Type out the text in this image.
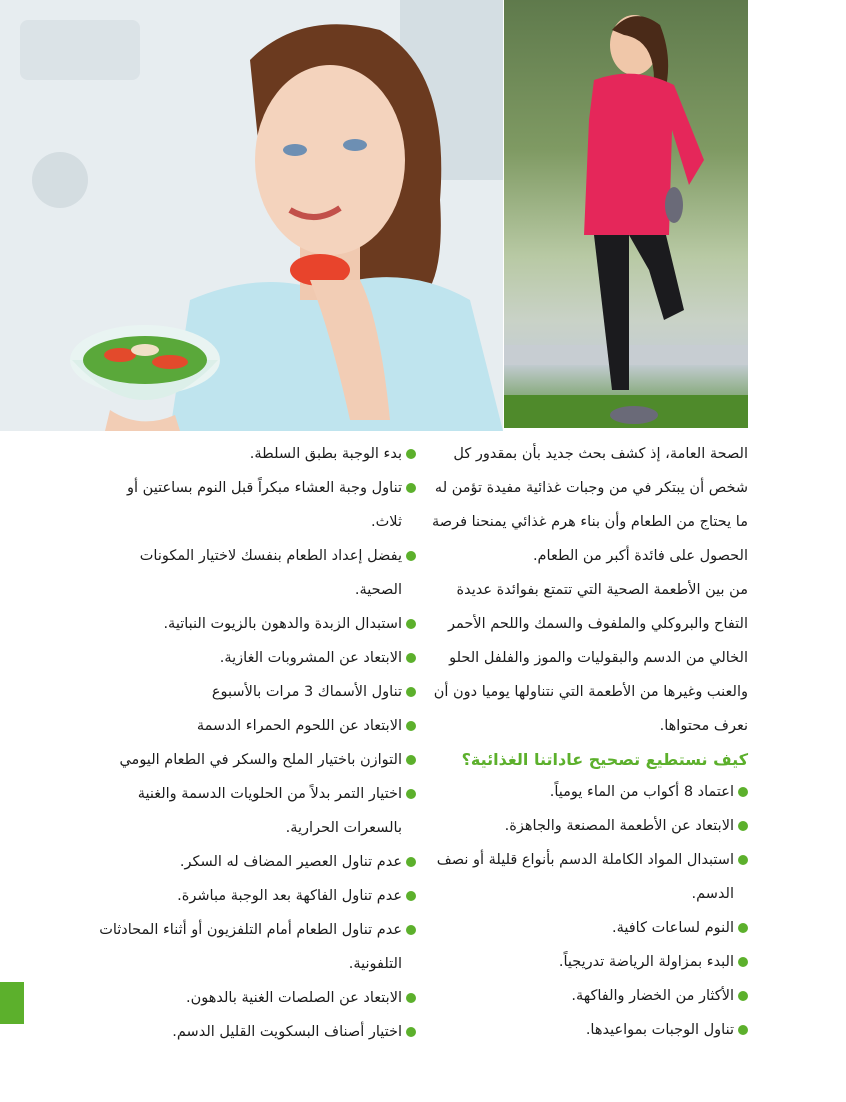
الصحة العامة، إذ كشف بحث جديد بأن بمقدور كل شخص أن يبتكر في من وجبات غذائية مفيدة تؤمن له ما يحتاج من الطعام وأن بناء هرم غذائي يمنحنا فرصة الحصول على فائدة أكبر من الطعام.

من بين الأطعمة الصحية التي تتمتع بفوائدة عديدة التفاح والبروكلي والملفوف والسمك واللحم الأحمر الخالي من الدسم والبقوليات والموز والفلفل الحلو والعنب وغيرها من الأطعمة التي نتناولها يوميا دون أن نعرف محتواها.

كيف نستطيع تصحيح عاداتنا الغذائية؟
اعتماد 8 أكواب من الماء يومياً.
الابتعاد عن الأطعمة المصنعة والجاهزة.
استبدال المواد الكاملة الدسم بأنواع قليلة أو نصف الدسم.
النوم لساعات كافية.
البدء بمزاولة الرياضة تدريجياً.
الأكثار من الخضار والفاكهة.
تناول الوجبات بمواعيدها.
بدء الوجبة بطبق السلطة.
تناول وجبة العشاء مبكراً قبل النوم بساعتين أو ثلاث.
يفضل إعداد الطعام بنفسك لاختيار المكونات الصحية.
استبدال الزبدة والدهون بالزيوت النباتية.
الابتعاد عن المشروبات الغازية.
تناول الأسماك 3 مرات بالأسبوع
الابتعاد عن اللحوم الحمراء الدسمة
التوازن باختيار الملح والسكر في الطعام اليومي
اختيار التمر بدلاً من الحلويات الدسمة والغنية بالسعرات الحرارية.
عدم تناول العصير المضاف له السكر.
عدم تناول الفاكهة بعد الوجبة مباشرة.
عدم تناول الطعام أمام التلفزيون أو أثناء المحادثات التلفونية.
الابتعاد عن الصلصات الغنية بالدهون.
اختيار أصناف البسكويت القليل الدسم.
